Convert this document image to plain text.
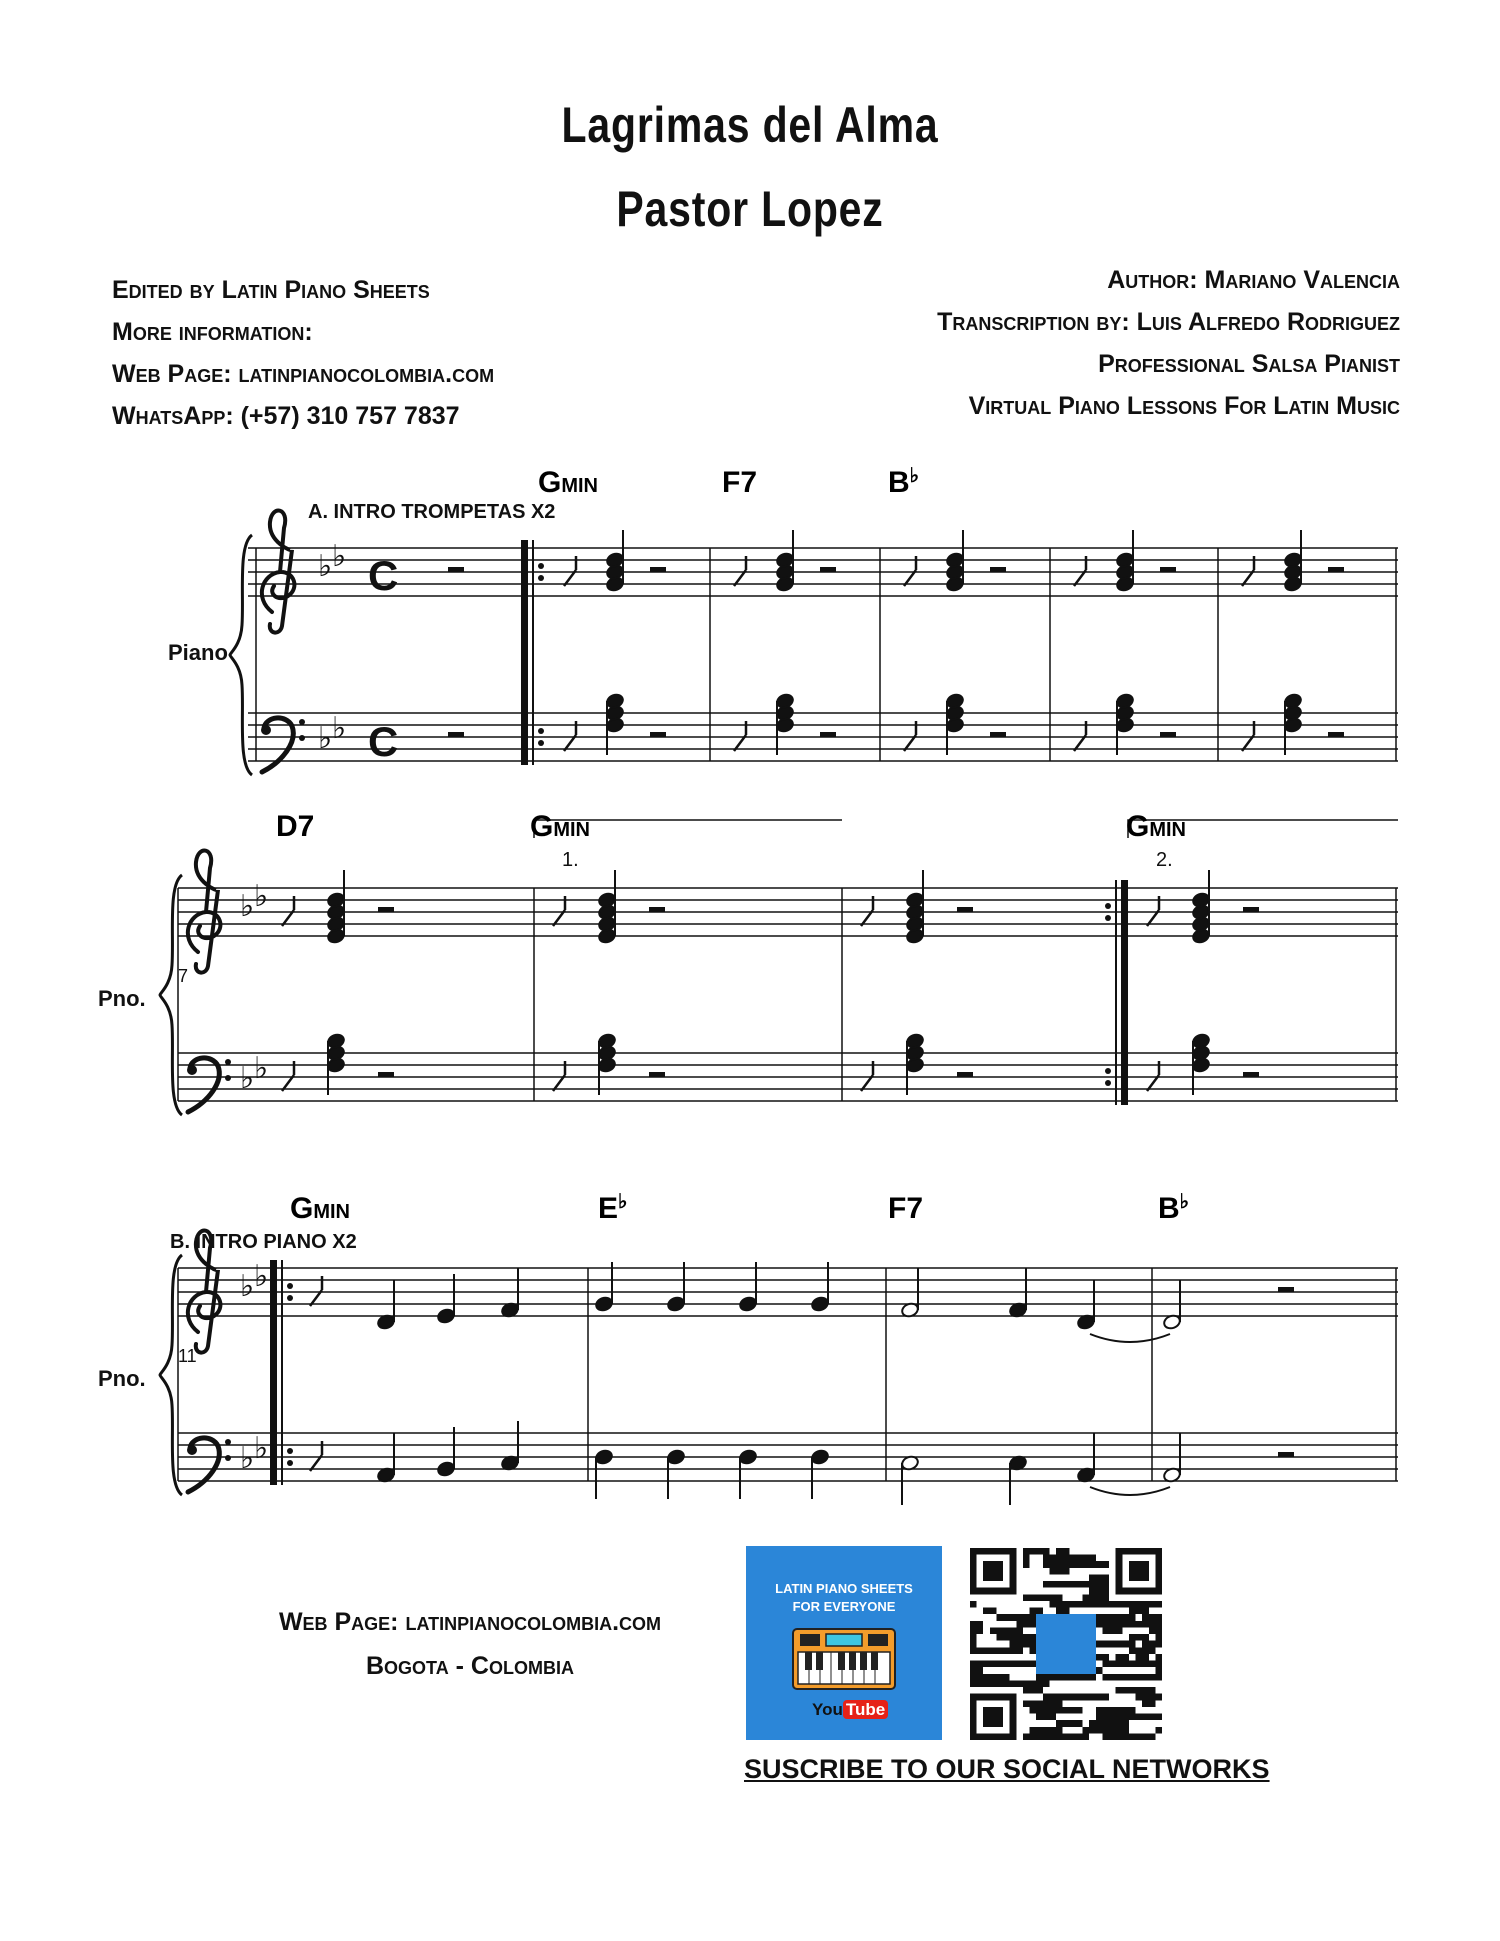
Lagrimas del Alma
Pastor Lopez
Edited by Latin Piano Sheets
More information:
Web Page: latinpianocolombia.com
WhatsApp: (+57) 310 757 7837
Author: Mariano Valencia
Transcription by: Luis Alfredo Rodriguez
Professional Salsa Pianist
Virtual Piano Lessons For Latin Music
♭ ♭
♭ ♭
C
C
♭ ♭
♭ ♭
♭ ♭
♭ ♭
A. INTRO TROMPETAS X2
Piano
Pno.
Pno.
7
11
B. INTRO PIANO X2
1.	2.
GMIN	F7	B♭
D7	GMIN	GMIN
GMIN	E♭	F7	B♭
Web Page: latinpianocolombia.com
Bogota - Colombia
LATIN PIANO SHEETS
FOR EVERYONE
You Tube
SUSCRIBE TO OUR SOCIAL NETWORKS
